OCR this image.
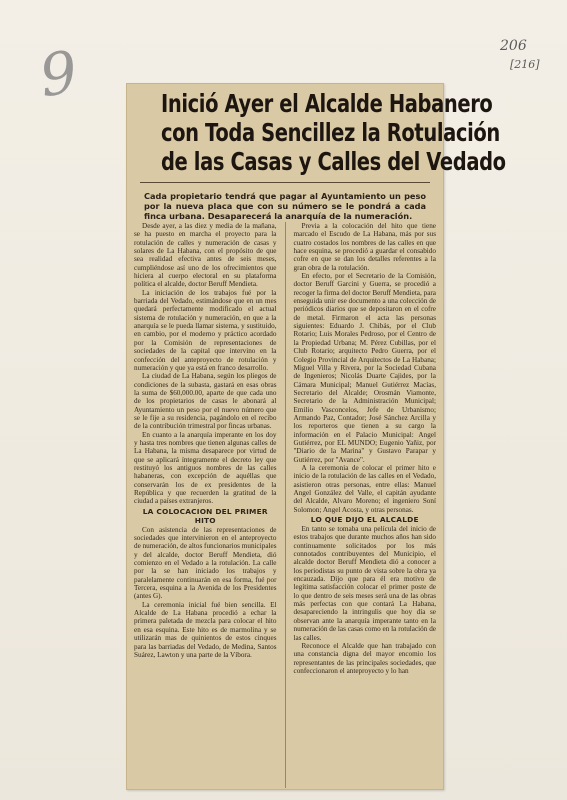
9	206
[216]
Inició Ayer el Alcalde Habanero
con Toda Sencillez la Rotulación
de las Casas y Calles del Vedado
Cada propietario tendrá que pagar al Ayuntamiento un peso por la nueva placa que con su número se le pondrá a cada finca urbana. Desaparecerá la anarquía de la numeración.

Desde ayer, a las diez y media de la mañana, se ha puesto en marcha el proyecto para la rotulación de calles y numeración de casas y solares de La Habana, con el propósito de que sea realidad efectiva antes de seis meses, cumpliéndose así uno de los ofrecimientos que hiciera al cuerpo electoral en su plataforma política el alcalde, doctor Beruff Mendieta.

La iniciación de los trabajos fué por la barriada del Vedado, estimándose que en un mes quedará perfectamente modificado el actual sistema de rotulación y numeración, en que a la anarquía se le pueda llamar sistema, y sustituido, en cambio, por el moderno y práctico acordado por la Comisión de representaciones de sociedades de la capital que intervino en la confección del anteproyecto de rotulación y numeración y que ya está en franco desarrollo.

La ciudad de La Habana, según los pliegos de condiciones de la subasta, gastará en esas obras la suma de $60,000.00, aparte de que cada uno de los propietarios de casas le abonará al Ayuntamiento un peso por el nuevo número que se le fije a su residencia, pagándolo en el recibo de la contribución trimestral por fincas urbanas.

En cuanto a la anarquía imperante en los doy y hasta tres nombres que tienen algunas calles de La Habana, la misma desaparece por virtud de que se aplicará íntegramente el decreto ley que restituyó los antiguos nombres de las calles habaneras, con excepción de aquéllas que conservarán los de ex presidentes de la República y que recuerden la gratitud de la ciudad a países extranjeros.

LA COLOCACION DEL PRIMER HITO

Con asistencia de las representaciones de sociedades que intervinieron en el anteproyecto de numeración, de altos funcionarios municipales y del alcalde, doctor Beruff Mendieta, dió comienzo en el Vedado a la rotulación. La calle por la se han iniciado los trabajos y paralelamente continuarán en esa forma, fué por Tercera, esquina a la Avenida de los Presidentes (antes G).

La ceremonia inicial fué bien sencilla. El Alcalde de La Habana procedió a echar la primera paletada de mezcla para colocar el hito en esa esquina. Este hito es de marmolina y se utilizarán mas de quinientos de estos cinques para las barriadas del Vedado, de Medina, Santos Suárez, Lawton y una parte de la Víbora.

Previa a la colocación del hito que tiene marcado el Escudo de La Habana, más por sus cuatro costados los nombres de las calles en que hace esquina, se procedió a guardar el consabido cofre en que se dan los detalles referentes a la gran obra de la rotulación.

En efecto, por el Secretario de la Comisión, doctor Beruff Garcini y Guerra, se procedió a recoger la firma del doctor Beruff Mendieta, para enseguida unir ese documento a una colección de periódicos diarios que se depositaron en el cofre de metal. Firmaron el acta las personas siguientes: Eduardo J. Chibás, por el Club Rotario; Luis Morales Pedroso, por el Centro de la Propiedad Urbana; M. Pérez Cubillas, por el Club Rotario; arquitecto Pedro Guerra, por el Colegio Provincial de Arquitectos de La Habana; Miguel Villa y Rivera, por la Sociedad Cubana de Ingenieros; Nicolás Duarte Cajides, por la Cámara Municipal; Manuel Gutiérrez Macías, Secretario del Alcalde; Orosmán Viamonte, Secretario de la Administración Municipal; Emilio Vasconcelos, Jefe de Urbanismo; Armando Paz, Contador; José Sánchez Arcilla y los reporteros que tienen a su cargo la información en el Palacio Municipal: Angel Gutiérrez, por EL MUNDO; Eugenio Yañiz, por "Diario de la Marina" y Gustavo Parapar y Gutiérrez, por "Avance".

A la ceremonia de colocar el primer hito e inicio de la rotulación de las calles en el Vedado, asistieron otras personas, entre ellas: Manuel Angel González del Valle, el capitán ayudante del Alcalde, Alvaro Moreno; el ingeniero Soní Solomon; Angel Acosta, y otras personas.

LO QUE DIJO EL ALCALDE

En tanto se tomaba una película del inicio de estos trabajos que durante muchos años han sido continuamente solicitados por los más connotados contribuyentes del Municipio, el alcalde doctor Beruff Mendieta dió a conocer a los periodistas su punto de vista sobre la obra ya encauzada. Dijo que para él era motivo de legítima satisfacción colocar el primer poste de lo que dentro de seis meses será una de las obras más perfectas con que contará La Habana, desapareciendo la intringulis que hoy día se observan ante la anarquía imperante tanto en la numeración de las casas como en la rotulación de las calles.

Reconoce el Alcalde que han trabajado con una constancia digna del mayor encomio los representantes de las principales sociedades, que confeccionaron el anteproyecto y lo han
